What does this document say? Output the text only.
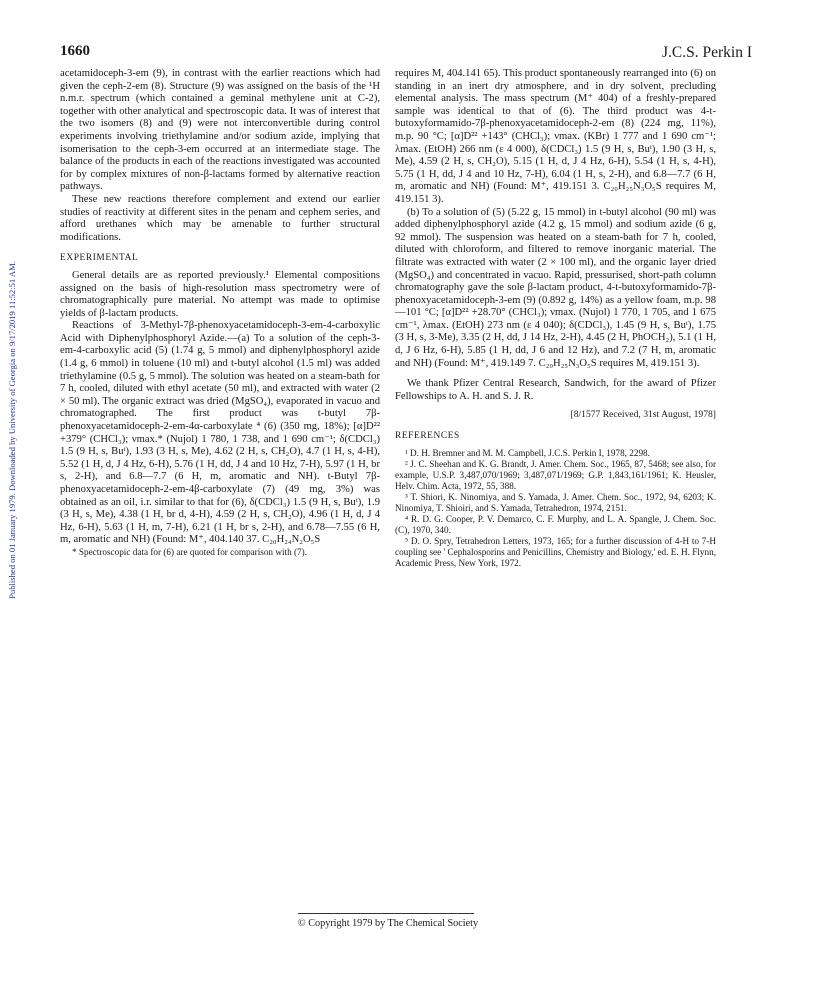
Published on 01 January 1979. Downloaded by University of Georgia on 9/17/2019 11:52:51 AM.
1660	J.C.S. Perkin I

acetamidoceph-3-em (9), in contrast with the earlier reactions which had given the ceph-2-em (8). Structure (9) was assigned on the basis of the ¹H n.m.r. spectrum (which contained a geminal methylene unit at C-2), together with other analytical and spectroscopic data. It was of interest that the two isomers (8) and (9) were not interconvertible during control experiments involving triethylamine and/or sodium azide, implying that isomerisation to the ceph-3-em occurred at an intermediate stage. The balance of the products in each of the reactions investigated was accounted for by complex mixtures of non-β-lactams formed by alternative reaction pathways.

These new reactions therefore complement and extend our earlier studies of reactivity at different sites in the penam and cephem series, and afford urethanes which may be amenable to further structural modifications.

EXPERIMENTAL

General details are as reported previously.¹ Elemental compositions assigned on the basis of high-resolution mass spectrometry were of chromatographically pure material. No attempt was made to optimise yields of β-lactam products.

Reactions of 3-Methyl-7β-phenoxyacetamidoceph-3-em-4-carboxylic Acid with Diphenylphosphoryl Azide.—(a) To a solution of the ceph-3-em-4-carboxylic acid (5) (1.74 g, 5 mmol) and diphenylphosphoryl azide (1.4 g, 6 mmol) in toluene (10 ml) and t-butyl alcohol (1.5 ml) was added triethylamine (0.5 g, 5 mmol). The solution was heated on a steam-bath for 7 h, cooled, diluted with ethyl acetate (50 ml), and extracted with water (2 × 50 ml). The organic extract was dried (MgSO₄), evaporated in vacuo and chromatographed. The first product was t-butyl 7β-phenoxyacetamidoceph-2-em-4α-carboxylate ⁴ (6) (350 mg, 18%); [α]D²² +379° (CHCl₃); νmax.* (Nujol) 1 780, 1 738, and 1 690 cm⁻¹; δ(CDCl₃) 1.5 (9 H, s, Buᵗ), 1.93 (3 H, s, Me), 4.62 (2 H, s, CH₂O), 4.7 (1 H, s, 4-H), 5.52 (1 H, d, J 4 Hz, 6-H), 5.76 (1 H, dd, J 4 and 10 Hz, 7-H), 5.97 (1 H, br s, 2-H), and 6.8—7.7 (6 H, m, aromatic and NH). t-Butyl 7β-phenoxyacetamidoceph-2-em-4β-carboxylate (7) (49 mg, 3%) was obtained as an oil, i.r. similar to that for (6), δ(CDCl₃) 1.5 (9 H, s, Buᵗ), 1.9 (3 H, s, Me), 4.38 (1 H, br d, 4-H), 4.59 (2 H, s, CH₂O), 4.96 (1 H, d, J 4 Hz, 6-H), 5.63 (1 H, m, 7-H), 6.21 (1 H, br s, 2-H), and 6.78—7.55 (6 H, m, aromatic and NH) (Found: M⁺, 404.140 37. C₂₀H₂₄N₂O₅S

* Spectroscopic data for (6) are quoted for comparison with (7).

requires M, 404.141 65). This product spontaneously rearranged into (6) on standing in an inert dry atmosphere, and in dry solvent, precluding elemental analysis. The mass spectrum (M⁺ 404) of a freshly-prepared sample was identical to that of (6). The third product was 4-t-butoxyformamido-7β-phenoxyacetamidoceph-2-em (8) (224 mg, 11%), m.p. 90 °C; [α]D²² +143° (CHCl₃); νmax. (KBr) 1 777 and 1 690 cm⁻¹; λmax. (EtOH) 266 nm (ε 4 000), δ(CDCl₃) 1.5 (9 H, s, Buᵗ), 1.90 (3 H, s, Me), 4.59 (2 H, s, CH₂O), 5.15 (1 H, d, J 4 Hz, 6-H), 5.54 (1 H, s, 4-H), 5.75 (1 H, dd, J 4 and 10 Hz, 7-H), 6.04 (1 H, s, 2-H), and 6.8—7.7 (6 H, m, aromatic and NH) (Found: M⁺, 419.151 3. C₂₀H₂₅N₃O₅S requires M, 419.151 3).

(b) To a solution of (5) (5.22 g, 15 mmol) in t-butyl alcohol (90 ml) was added diphenylphosphoryl azide (4.2 g, 15 mmol) and sodium azide (6 g, 92 mmol). The suspension was heated on a steam-bath for 7 h, cooled, diluted with chloroform, and filtered to remove inorganic material. The filtrate was extracted with water (2 × 100 ml), and the organic layer dried (MgSO₄) and concentrated in vacuo. Rapid, pressurised, short-path column chromatography gave the sole β-lactam product, 4-t-butoxyformamido-7β-phenoxyacetamidoceph-3-em (9) (0.892 g, 14%) as a yellow foam, m.p. 98—101 °C; [α]D²² +28.70° (CHCl₃); νmax. (Nujol) 1 770, 1 705, and 1 675 cm⁻¹, λmax. (EtOH) 273 nm (ε 4 040); δ(CDCl₃), 1.45 (9 H, s, Buᵗ), 1.75 (3 H, s, 3-Me), 3.35 (2 H, dd, J 14 Hz, 2-H), 4.45 (2 H, PhOCH₂), 5.1 (1 H, d, J 6 Hz, 6-H), 5.85 (1 H, dd, J 6 and 12 Hz), and 7.2 (7 H, m, aromatic and NH) (Found: M⁺, 419.149 7. C₂₀H₂₅N₃O₅S requires M, 419.151 3).

We thank Pfizer Central Research, Sandwich, for the award of Pfizer Fellowships to A. H. and S. J. R.

[8/1577 Received, 31st August, 1978]
REFERENCES

¹ D. H. Bremner and M. M. Campbell, J.C.S. Perkin I, 1978, 2298.

² J. C. Sheehan and K. G. Brandt, J. Amer. Chem. Soc., 1965, 87, 5468; see also, for example, U.S.P. 3,487,070/1969; 3,487,071/1969; G.P. 1,843,161/1961; K. Heusler, Helv. Chim. Acta, 1972, 55, 388.

³ T. Shiori, K. Ninomiya, and S. Yamada, J. Amer. Chem. Soc., 1972, 94, 6203; K. Ninomiya, T. Shioiri, and S. Yamada, Tetrahedron, 1974, 2151.

⁴ R. D. G. Cooper, P. V. Demarco, C. F. Murphy, and L. A. Spangle, J. Chem. Soc. (C), 1970, 340.

⁵ D. O. Spry, Tetrahedron Letters, 1973, 165; for a further discussion of 4-H to 7-H coupling see ' Cephalosporins and Penicillins, Chemistry and Biology,' ed. E. H. Flynn, Academic Press, New York, 1972.

© Copyright 1979 by The Chemical Society
